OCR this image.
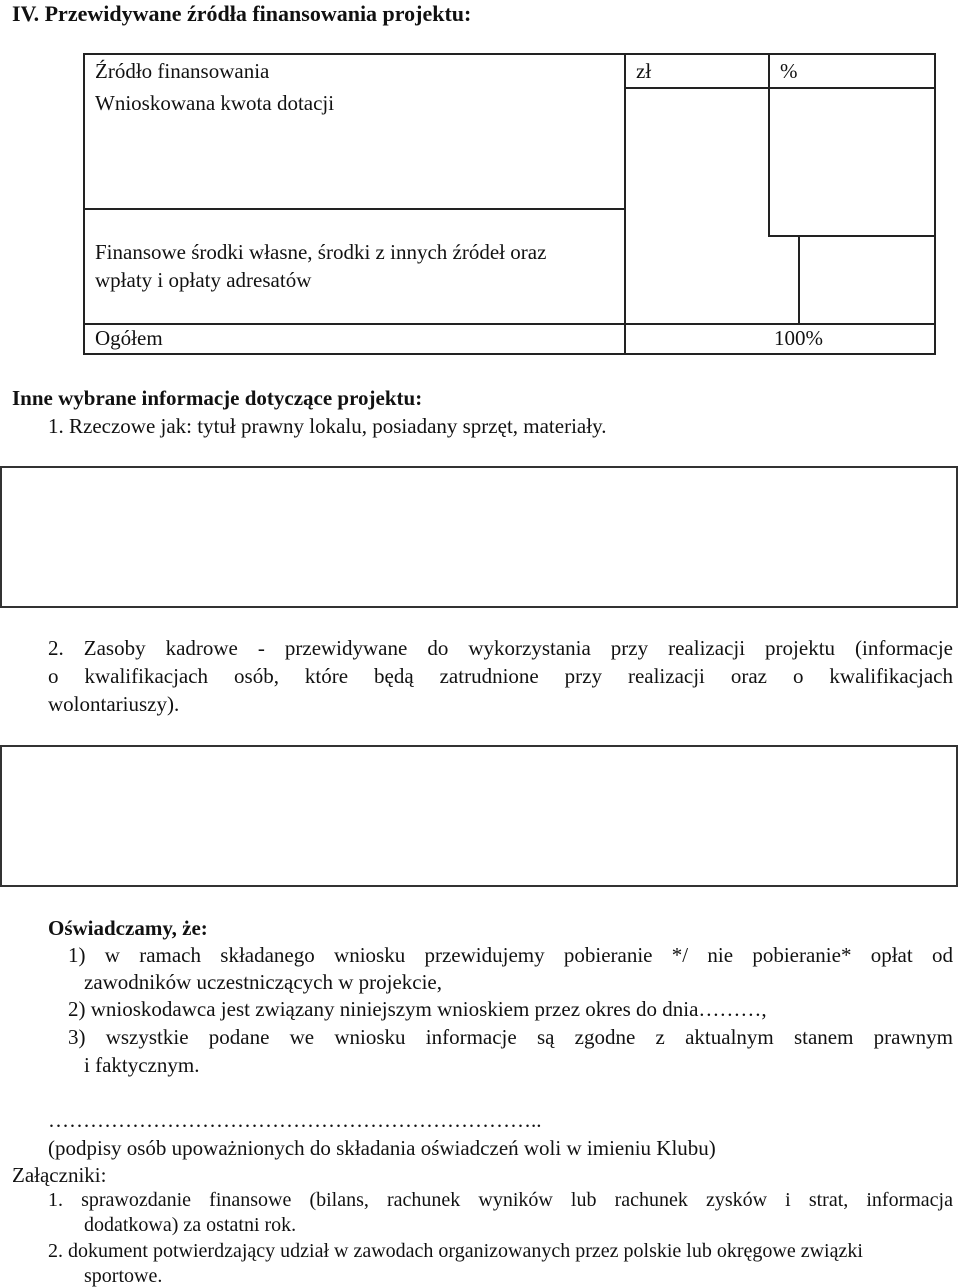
IV. Przewidywane źródła finansowania projektu:
Źródło finansowania	zł	%
Wnioskowana kwota dotacji
Finansowe środki własne, środki z innych źródeł oraz
wpłaty i opłaty adresatów
Ogółem	100%
Inne wybrane informacje dotyczące projektu:
1. Rzeczowe jak: tytuł prawny lokalu, posiadany sprzęt, materiały.
2. Zasoby kadrowe - przewidywane do wykorzystania przy realizacji projektu (informacje
o kwalifikacjach osób, które będą zatrudnione przy realizacji oraz o kwalifikacjach
wolontariuszy).
Oświadczamy, że:
1) w ramach składanego wniosku przewidujemy pobieranie */ nie pobieranie* opłat od
zawodników uczestniczących w projekcie,
2) wnioskodawca jest związany niniejszym wnioskiem przez okres do dnia………,
3) wszystkie podane we wniosku informacje są zgodne z aktualnym stanem prawnym
i faktycznym.
……………………………………………………………..
(podpisy osób upoważnionych do składania oświadczeń woli w imieniu Klubu)
Załączniki:
1. sprawozdanie finansowe (bilans, rachunek wyników lub rachunek zysków i strat, informacja
dodatkowa) za ostatni rok.
2. dokument potwierdzający udział w zawodach organizowanych przez polskie lub okręgowe związki
sportowe.
